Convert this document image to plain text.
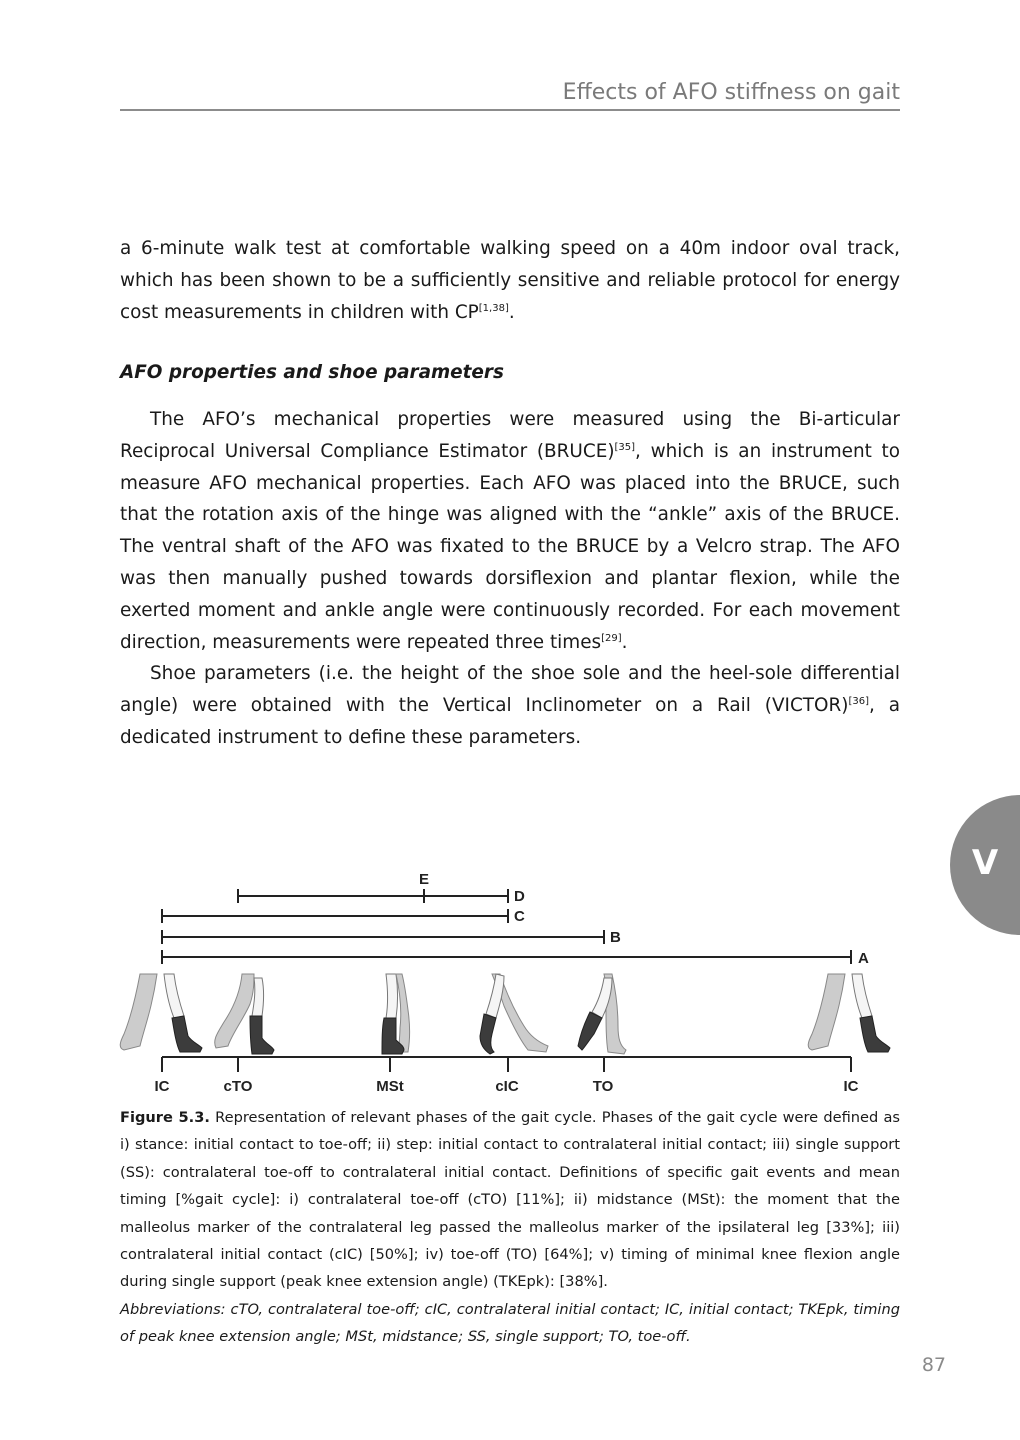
Effects of AFO stiffness on gait

a 6-minute walk test at comfortable walking speed on a 40m indoor oval track, which has been shown to be a sufficiently sensitive and reliable protocol for energy cost measurements in children with CP[1,38].

AFO properties and shoe parameters

The AFO’s mechanical properties were measured using the Bi-articular Reciprocal Universal Compliance Estimator (BRUCE)[35], which is an instrument to measure AFO mechanical properties. Each AFO was placed into the BRUCE, such that the rotation axis of the hinge was aligned with the “ankle” axis of the BRUCE. The ventral shaft of the AFO was fixated to the BRUCE by a Velcro strap. The AFO was then manually pushed towards dorsiflexion and plantar flexion, while the exerted moment and ankle angle were continuously recorded. For each movement direction, measurements were repeated three times[29].

Shoe parameters (i.e. the height of the shoe sole and the heel-sole differential angle) were obtained with the Vertical Inclinometer on a Rail (VICTOR)[36], a dedicated instrument to define these parameters.

V
E
D
C
B
A
IC	cTO	MSt	cIC	TO	IC

Figure 5.3. Representation of relevant phases of the gait cycle. Phases of the gait cycle were defined as i) stance: initial contact to toe-off; ii) step: initial contact to contralateral initial contact; iii) single support (SS): contralateral toe-off to contralateral initial contact. Definitions of specific gait events and mean timing [%gait cycle]: i) contralateral toe-off (cTO) [11%]; ii) midstance (MSt): the moment that the malleolus marker of the contralateral leg passed the malleolus marker of the ipsilateral leg [33%]; iii) contralateral initial contact (cIC) [50%]; iv) toe-off (TO) [64%]; v) timing of minimal knee flexion angle during single support (peak knee extension angle) (TKEpk): [38%].

Abbreviations: cTO, contralateral toe-off; cIC, contralateral initial contact; IC, initial contact; TKEpk, timing of peak knee extension angle; MSt, midstance; SS, single support; TO, toe-off.

87
